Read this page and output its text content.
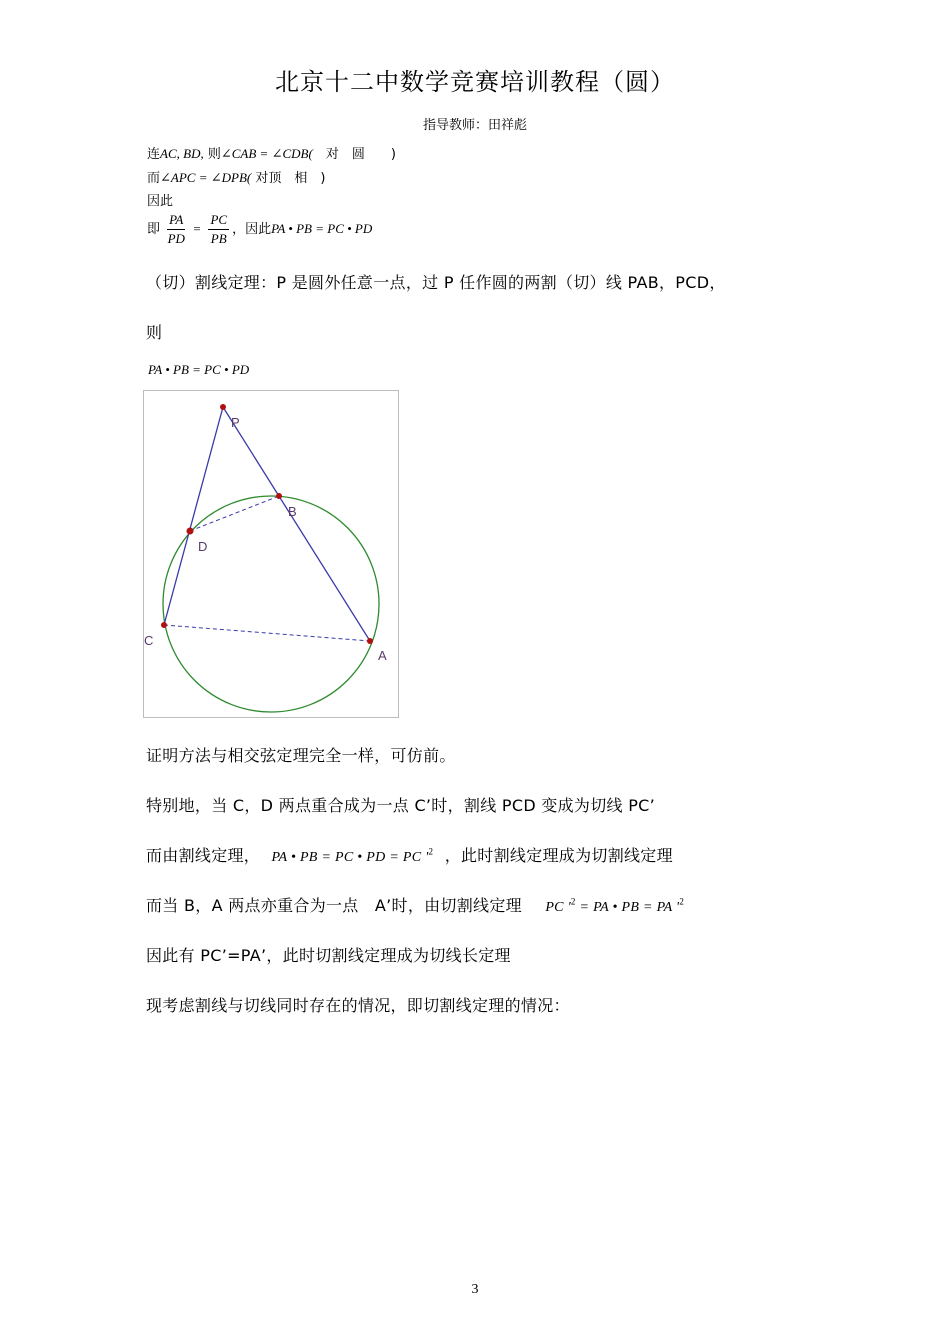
北京十二中数学竞赛培训教程（圆）
指导教师：田祥彪
连AC, BD, 则∠CAB = ∠CDB(　对　圆　　)
而∠APC = ∠DPB( 对顶　相　)
因此
即 $\frac{PA}{PD} = \frac{PC}{PB}$ ，因此PA • PB = PC • PD
（切）割线定理：P 是圆外任意一点，过 P 任作圆的两割（切）线 PAB，PCD，
则
PA • PB = PC • PD
P
B
D
C
A
证明方法与相交弦定理完全一样，可仿前。
特别地，当 C，D 两点重合成为一点 C’时，割线 PCD 变成为切线 PC’
而由割线定理， PA • PB = PC • PD = PC '$^2$ ，此时割线定理成为切割线定理
而当 B，A 两点亦重合为一点　A’时，由切割线定理 PC '$^2$ = PA • PB = PA '$^2$
因此有 PC’=PA’，此时切割线定理成为切线长定理
现考虑割线与切线同时存在的情况，即切割线定理的情况：
3
